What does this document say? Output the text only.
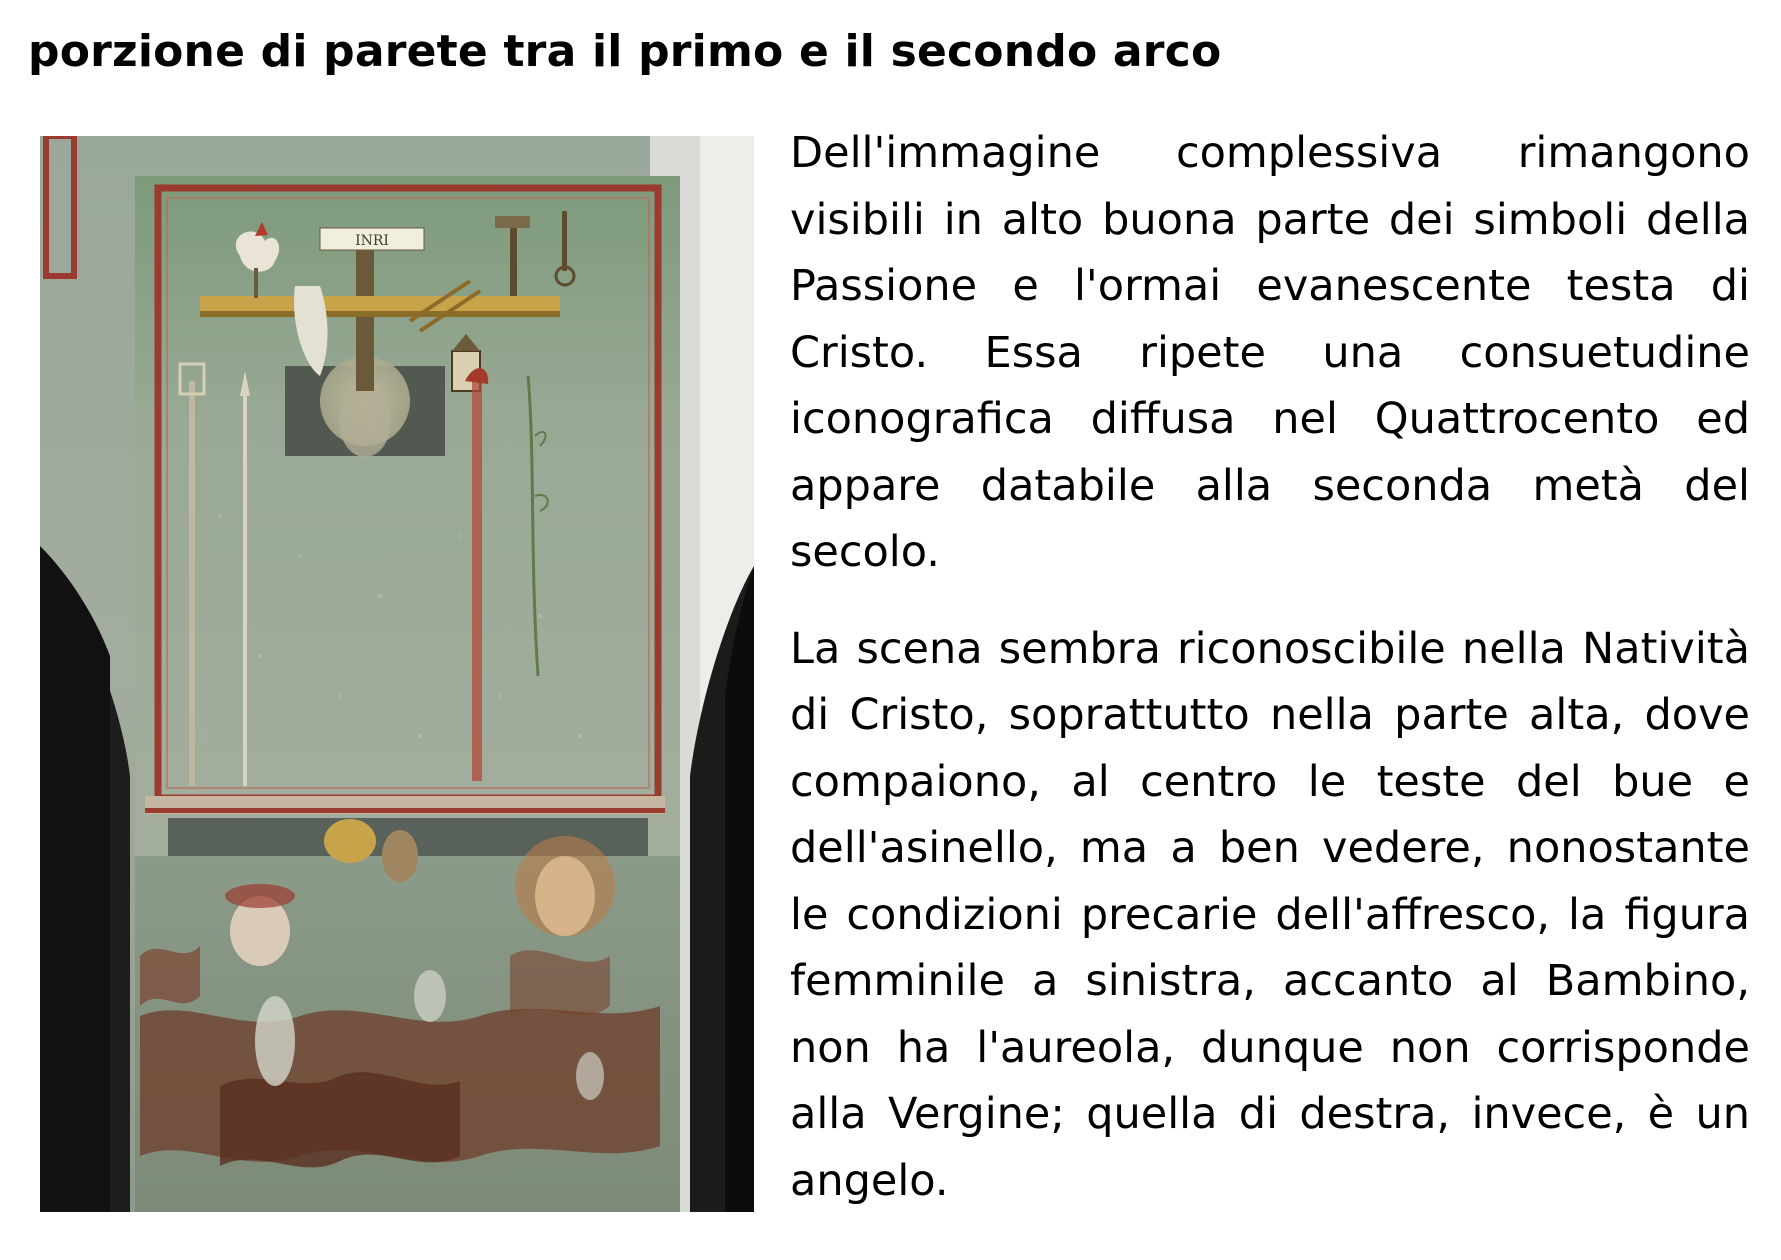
porzione di parete tra il primo e il secondo arco
INRI

Dell'immagine complessiva rimangono visibili in alto buona parte dei simboli della Passione e l'ormai evanescente testa di Cristo. Essa ripete una consuetudine iconografica diffusa nel Quattrocento ed appare databile alla seconda metà del secolo.

La scena sembra riconoscibile nella Natività di Cristo, soprattutto nella parte alta, dove compaiono, al centro le teste del bue e dell'asinello, ma a ben vedere, nonostante le condizioni precarie dell'affresco, la figura femminile a sinistra, accanto al Bambino, non ha l'aureola, dunque non corrisponde alla Vergine; quella di destra, invece, è un angelo.
